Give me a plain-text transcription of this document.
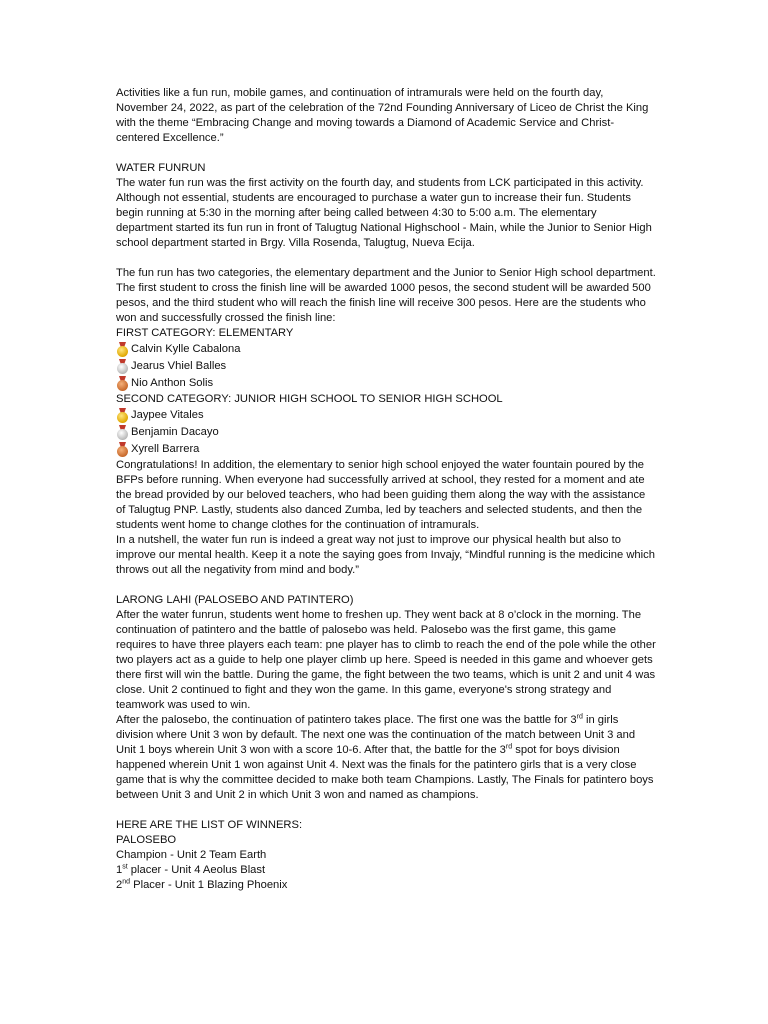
Activities like a fun run, mobile games, and continuation of intramurals were held on the fourth day, November 24, 2022, as part of the celebration of the 72nd Founding Anniversary of Liceo de Christ the King with the theme “Embracing Change and moving towards a Diamond of Academic Service and Christ-centered Excellence.”

WATER FUNRUN

The water fun run was the first activity on the fourth day, and students from LCK participated in this activity. Although not essential, students are encouraged to purchase a water gun to increase their fun. Students begin running at 5:30 in the morning after being called between 4:30 to 5:00 a.m. The elementary department started its fun run in front of Talugtug National Highschool - Main, while the Junior to Senior High school department started in Brgy. Villa Rosenda, Talugtug, Nueva Ecija.

The fun run has two categories, the elementary department and the Junior to Senior High school department. The first student to cross the finish line will be awarded 1000 pesos, the second student will be awarded 500 pesos, and the third student who will reach the finish line will receive 300 pesos. Here are the students who won and successfully crossed the finish line:

FIRST CATEGORY: ELEMENTARY

Calvin Kylle Cabalona
Jearus Vhiel Balles
Nio Anthon Solis

SECOND CATEGORY: JUNIOR HIGH SCHOOL TO SENIOR HIGH SCHOOL

Jaypee Vitales
Benjamin Dacayo
Xyrell Barrera

Congratulations! In addition, the elementary to senior high school enjoyed the water fountain poured by the BFPs before running. When everyone had successfully arrived at school, they rested for a moment and ate the bread provided by our beloved teachers, who had been guiding them along the way with the assistance of Talugtug PNP. Lastly, students also danced Zumba, led by teachers and selected students, and then the students went home to change clothes for the continuation of intramurals.

In a nutshell, the water fun run is indeed a great way not just to improve our physical health but also to improve our mental health. Keep it a note the saying goes from Invajy, “Mindful running is the medicine which throws out all the negativity from mind and body.”

LARONG LAHI (PALOSEBO AND PATINTERO)

After the water funrun, students went home to freshen up. They went back at 8 o’clock in the morning. The continuation of patintero and the battle of palosebo was held. Palosebo was the first game, this game requires to have three players each team: pne player has to climb to reach the end of the pole while the other two players act as a guide to help one player climb up here. Speed is needed in this game and whoever gets there first will win the battle. During the game, the fight between the two teams, which is unit 2 and unit 4 was close. Unit 2 continued to fight and they won the game. In this game, everyone's strong strategy and teamwork was used to win.

After the palosebo, the continuation of patintero takes place. The first one was the battle for 3rd in girls division where Unit 3 won by default. The next one was the continuation of the match between Unit 3 and Unit 1 boys wherein Unit 3 won with a score 10-6. After that, the battle for the 3rd spot for boys division happened wherein Unit 1 won against Unit 4. Next was the finals for the patintero girls that is a very close game that is why the committee decided to make both team Champions. Lastly, The Finals for patintero boys between Unit 3 and Unit 2 in which Unit 3 won and named as champions.

HERE ARE THE LIST OF WINNERS:

PALOSEBO

Champion - Unit 2 Team Earth

1st placer - Unit 4 Aeolus Blast

2nd Placer - Unit 1 Blazing Phoenix
